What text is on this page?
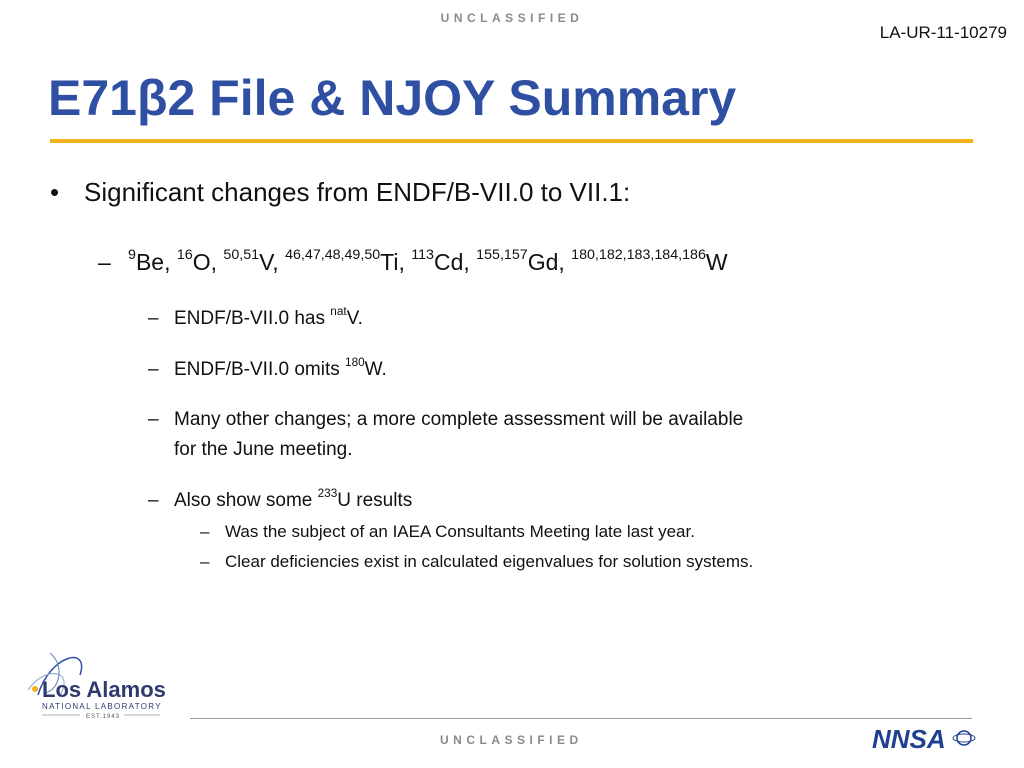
UNCLASSIFIED
LA-UR-11-10279
E71β2 File & NJOY Summary
• Significant changes from ENDF/B-VII.0 to VII.1:
– $^9$Be, $^{16}$O, $^{50,51}$V, $^{46,47,48,49,50}$Ti, $^{113}$Cd, $^{155,157}$Gd, $^{180,182,183,184,186}$W
– ENDF/B-VII.0 has $^{nat}$V.
– ENDF/B-VII.0 omits $^{180}$W.
– Many other changes; a more complete assessment will be available
for the June meeting.
– Also show some $^{233}$U results
– Was the subject of an IAEA Consultants Meeting late last year.
– Clear deficiencies exist in calculated eigenvalues for solution systems.
Los Alamos
NATIONAL LABORATORY
EST.1943
UNCLASSIFIED	NNSA
